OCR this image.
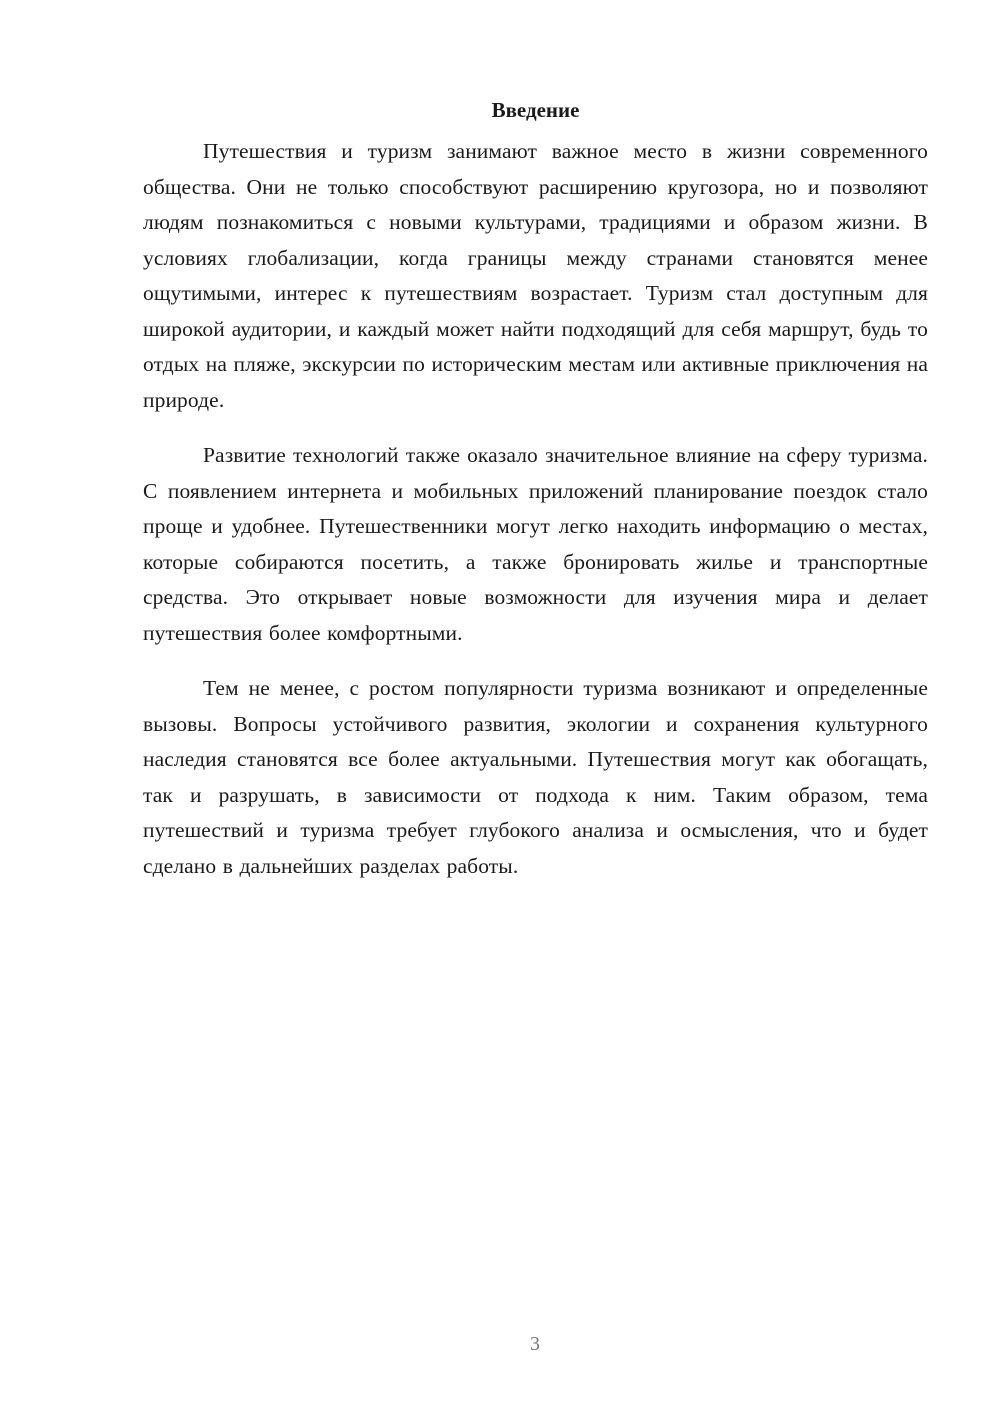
Введение

Путешествия и туризм занимают важное место в жизни современного общества. Они не только способствуют расширению кругозора, но и позволяют людям познакомиться с новыми культурами, традициями и образом жизни. В условиях глобализации, когда границы между странами становятся менее ощутимыми, интерес к путешествиям возрастает. Туризм стал доступным для широкой аудитории, и каждый может найти подходящий для себя маршрут, будь то отдых на пляже, экскурсии по историческим местам или активные приключения на природе.

Развитие технологий также оказало значительное влияние на сферу туризма. С появлением интернета и мобильных приложений планирование поездок стало проще и удобнее. Путешественники могут легко находить информацию о местах, которые собираются посетить, а также бронировать жилье и транспортные средства. Это открывает новые возможности для изучения мира и делает путешествия более комфортными.

Тем не менее, с ростом популярности туризма возникают и определенные вызовы. Вопросы устойчивого развития, экологии и сохранения культурного наследия становятся все более актуальными. Путешествия могут как обогащать, так и разрушать, в зависимости от подхода к ним. Таким образом, тема путешествий и туризма требует глубокого анализа и осмысления, что и будет сделано в дальнейших разделах работы.

3
